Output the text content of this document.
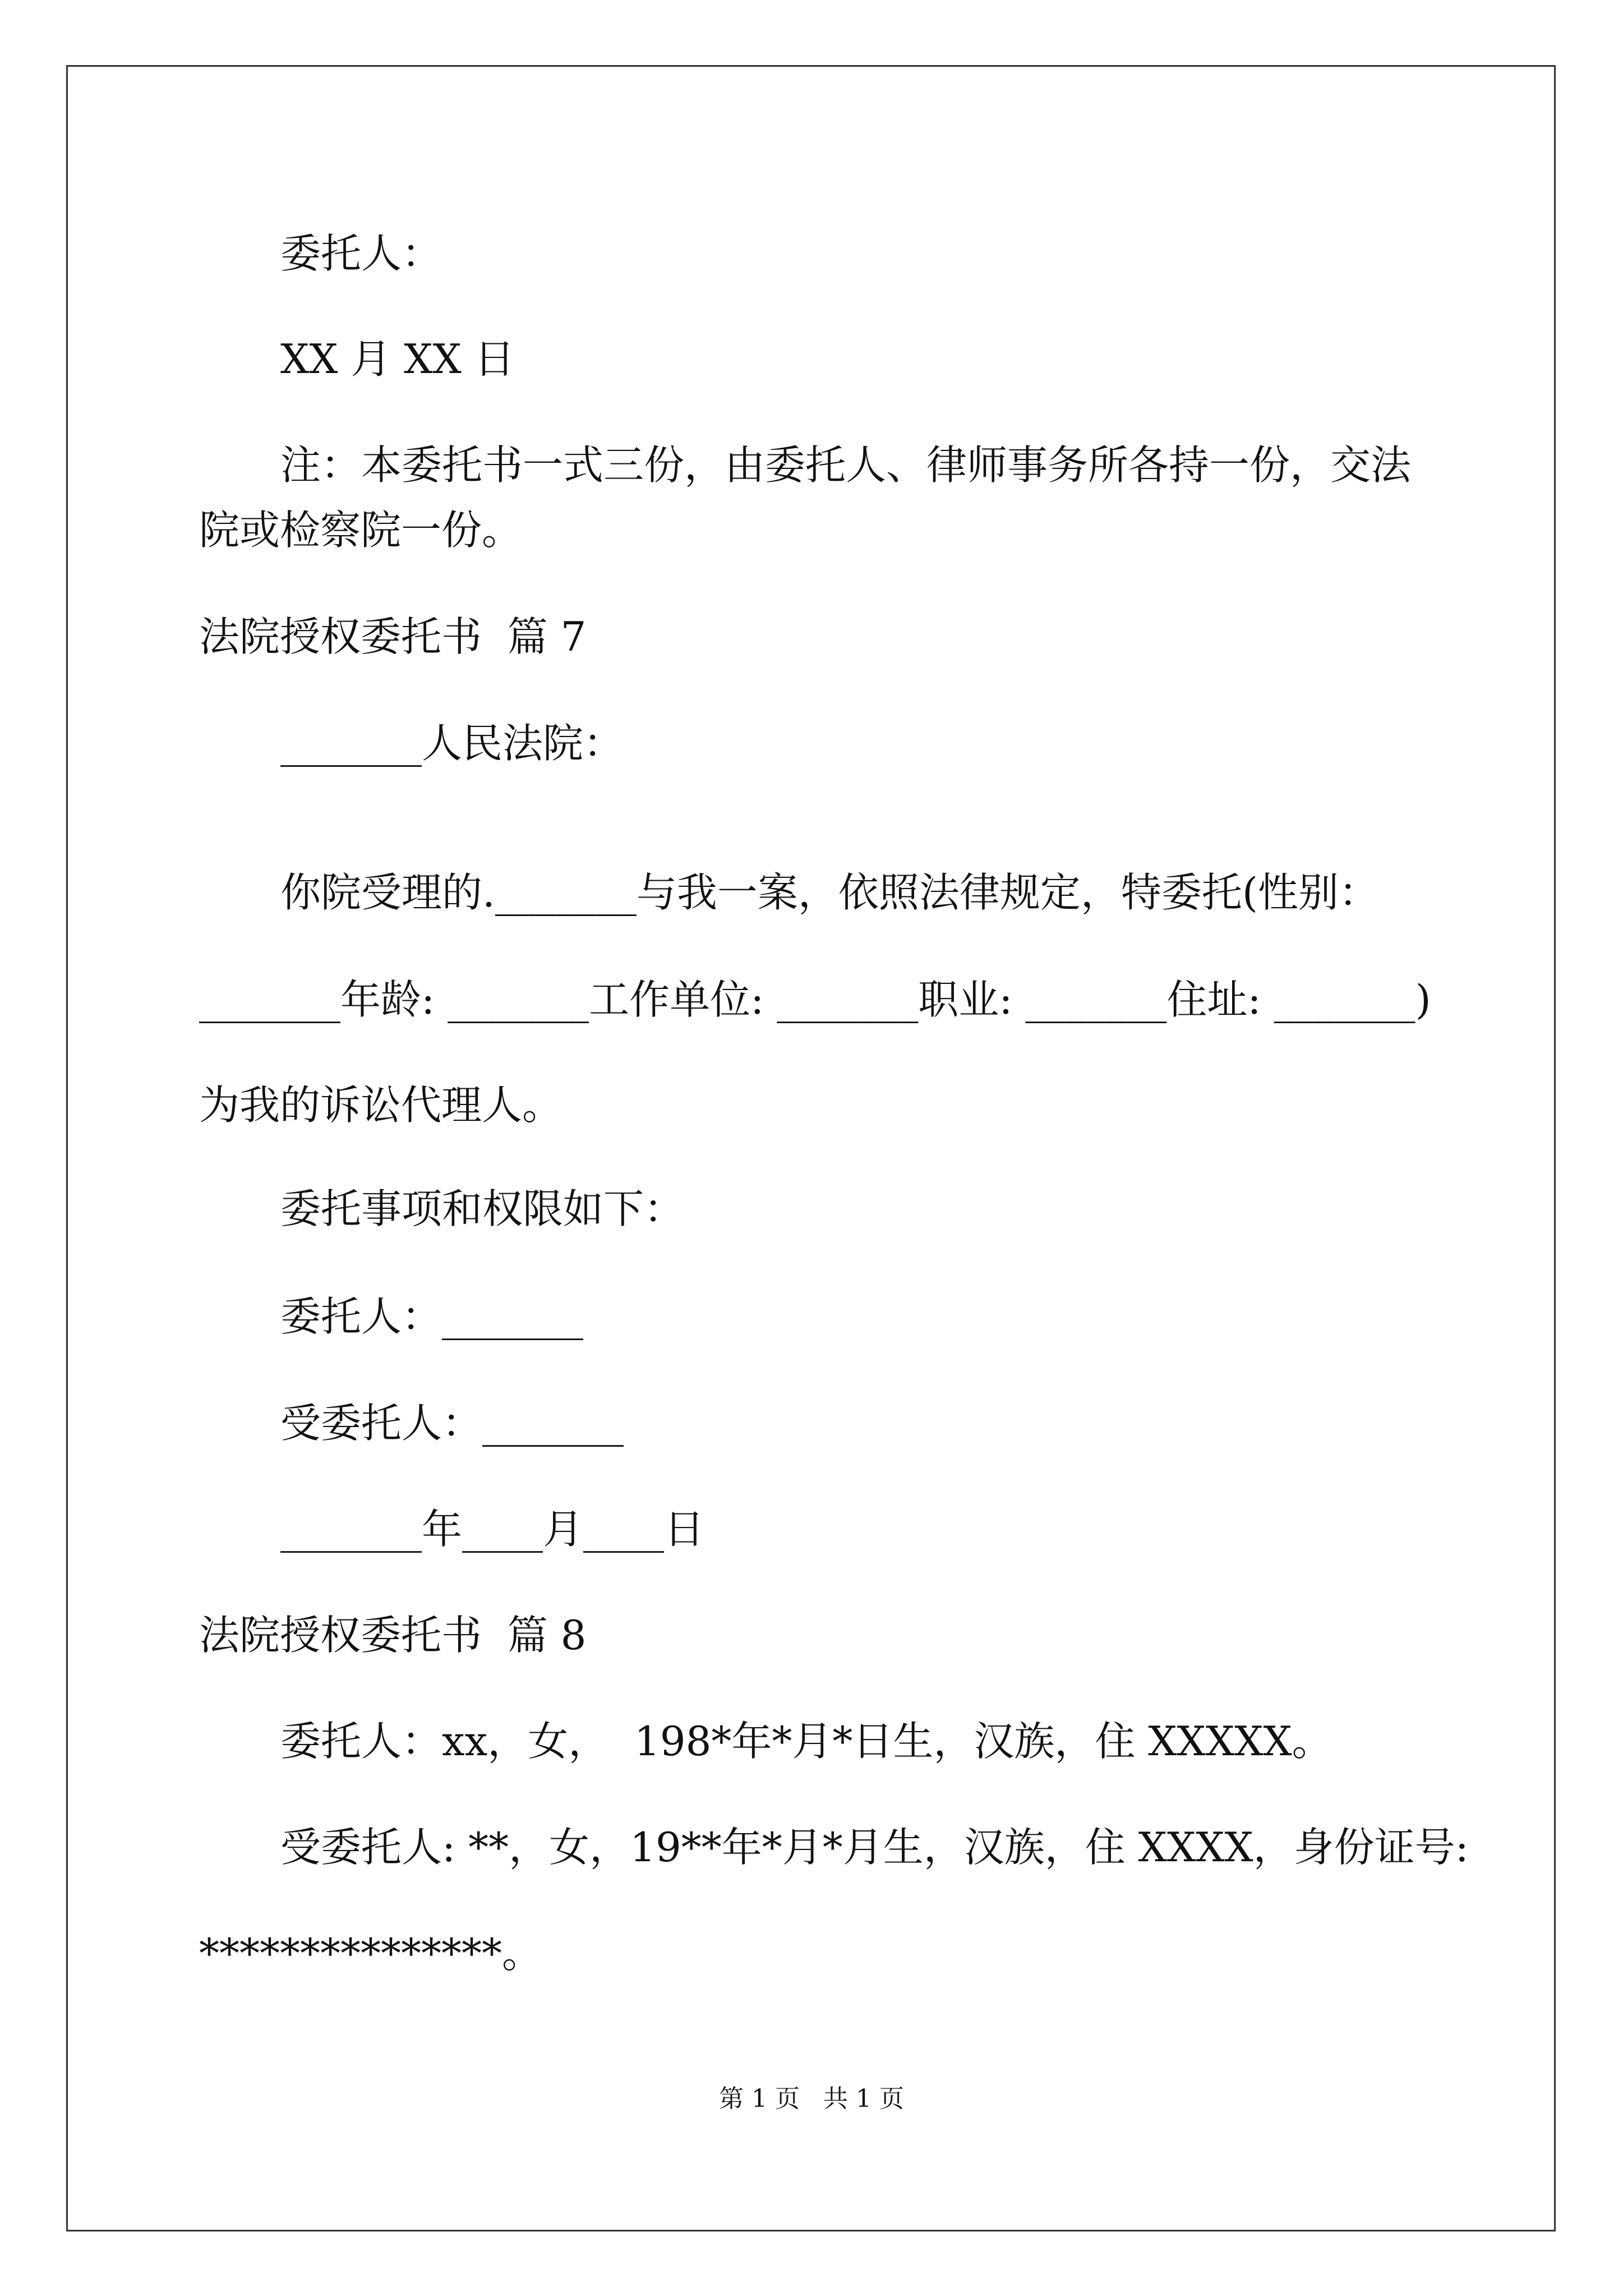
委托人：
XX 月 XX 日
注：本委托书一式三份，由委托人、律师事务所各持一份，交法
院或检察院一份。
法院授权委托书  篇 7
_______人民法院：
你院受理的._______与我一案，依照法律规定，特委托(性别：
_______年龄: _______工作单位: _______职业: _______住址: _______)
为我的诉讼代理人。
委托事项和权限如下：
委托人：_______
受委托人：_______
_______年____月____日
法院授权委托书  篇 8
委托人：xx，女，  198*年*月*日生，汉族，住 XXXXX。
受委托人: **，女，19**年*月*月生，汉族，住 XXXX，身份证号:
***************。
第 1 页   共 1 页
